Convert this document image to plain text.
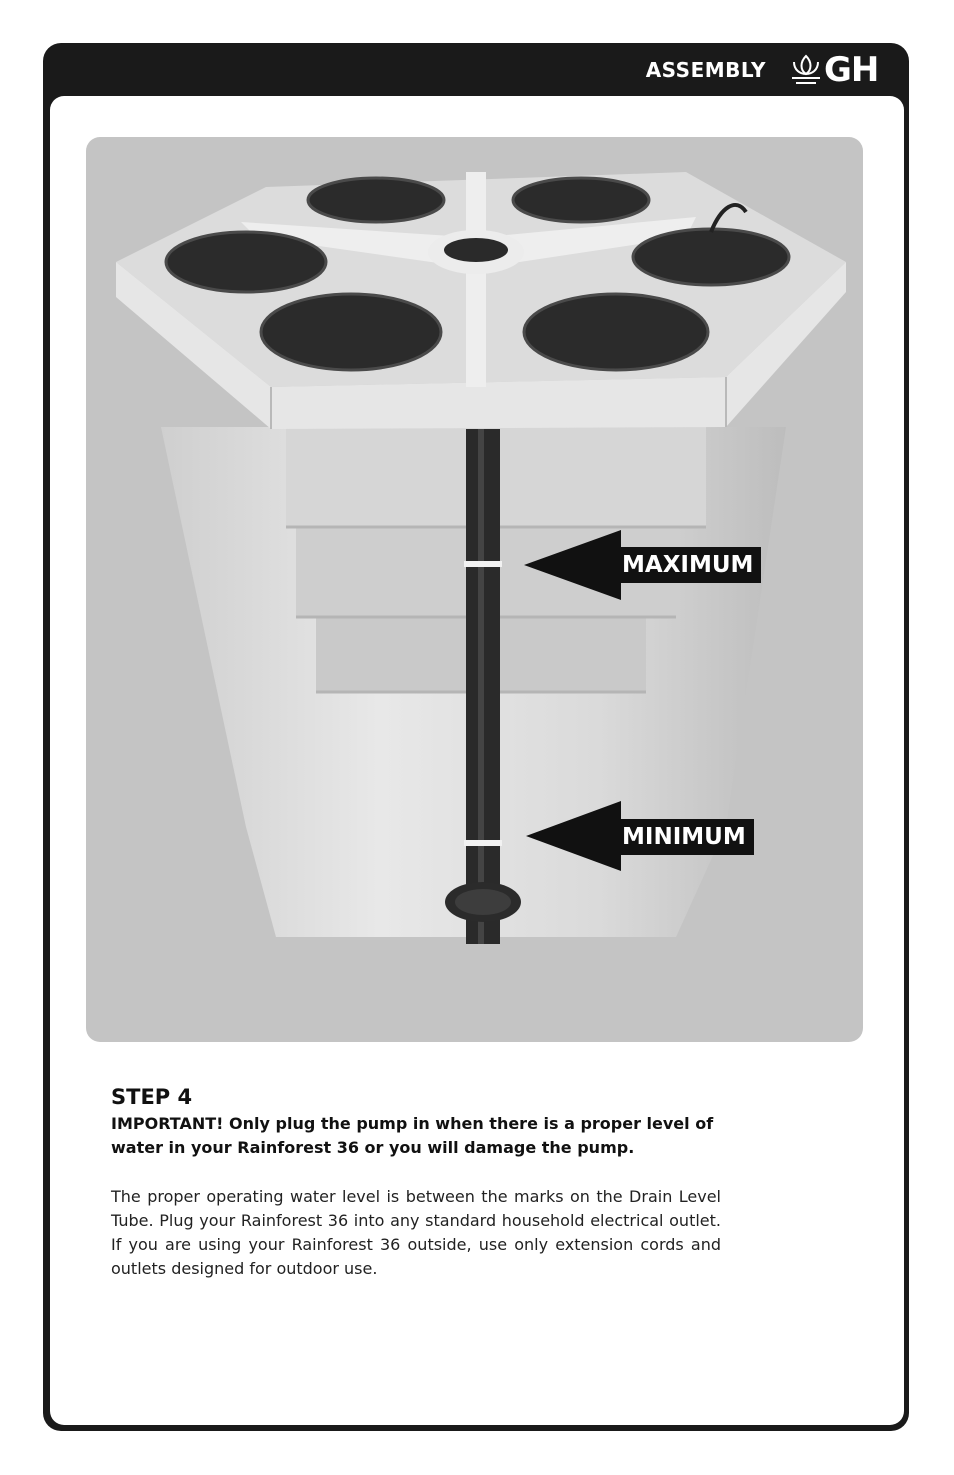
ASSEMBLY GH
MAXIMUM
MINIMUM
STEP 4

IMPORTANT! Only plug the pump in when there is a proper level of water in your Rainforest 36 or you will damage the pump.

The proper operating water level is between the marks on the Drain Level Tube. Plug your Rainforest 36 into any standard household electrical outlet. If you are using your Rainforest 36 outside, use only extension cords and outlets designed for outdoor use.
